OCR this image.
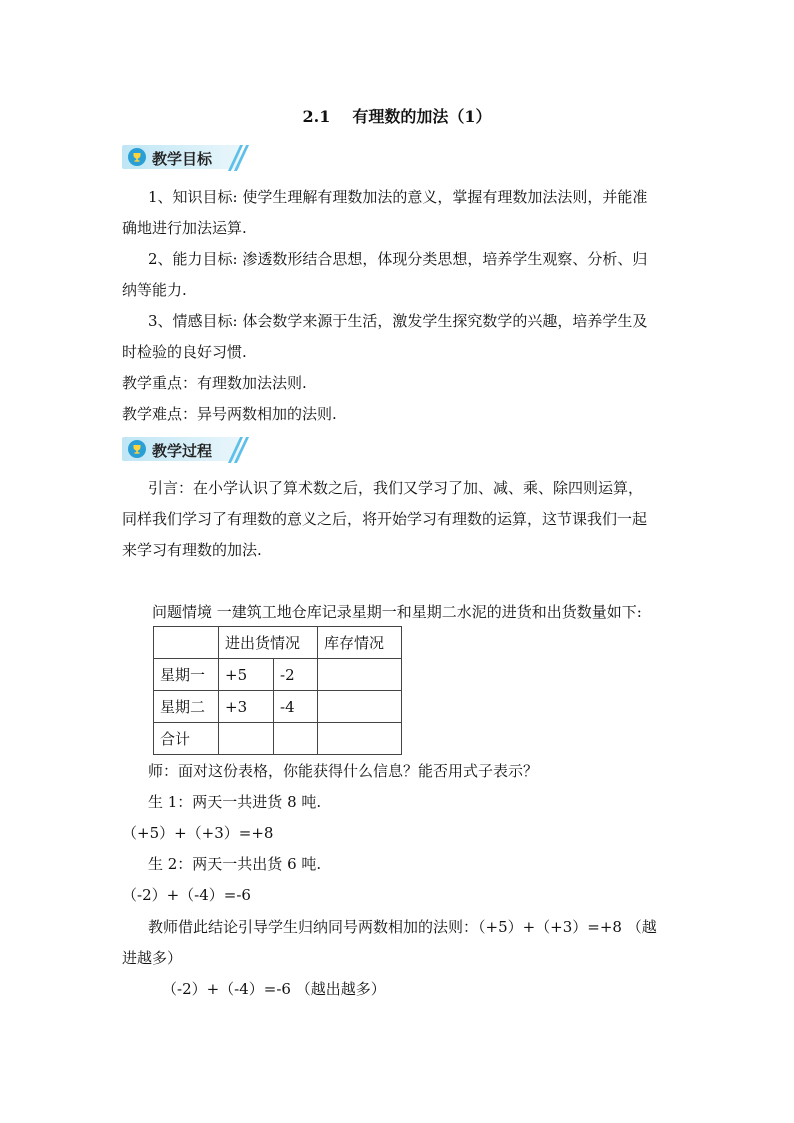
2.1 有理数的加法（1）
教学目标
1、知识目标: 使学生理解有理数加法的意义，掌握有理数加法法则，并能准
确地进行加法运算.
2、能力目标: 渗透数形结合思想，体现分类思想，培养学生观察、分析、归
纳等能力.
3、情感目标: 体会数学来源于生活，激发学生探究数学的兴趣，培养学生及
时检验的良好习惯.
教学重点：有理数加法法则.
教学难点：异号两数相加的法则.
教学过程
引言：在小学认识了算术数之后，我们又学习了加、减、乘、除四则运算，
同样我们学习了有理数的意义之后，将开始学习有理数的运算，这节课我们一起
来学习有理数的加法.
问题情境 一建筑工地仓库记录星期一和星期二水泥的进货和出货数量如下:
	进出货情况		库存情况
星期一	+5	-2	
星期二	+3	-4	
合计			
师：面对这份表格，你能获得什么信息？能否用式子表示？
生 1：两天一共进货 8 吨.
（+5）+（+3）=+8
生 2：两天一共出货 6 吨.
（-2）+（-4）=-6
教师借此结论引导学生归纳同号两数相加的法则：（+5）+（+3）=+8 （越
进越多）
（-2）+（-4）=-6 （越出越多）
